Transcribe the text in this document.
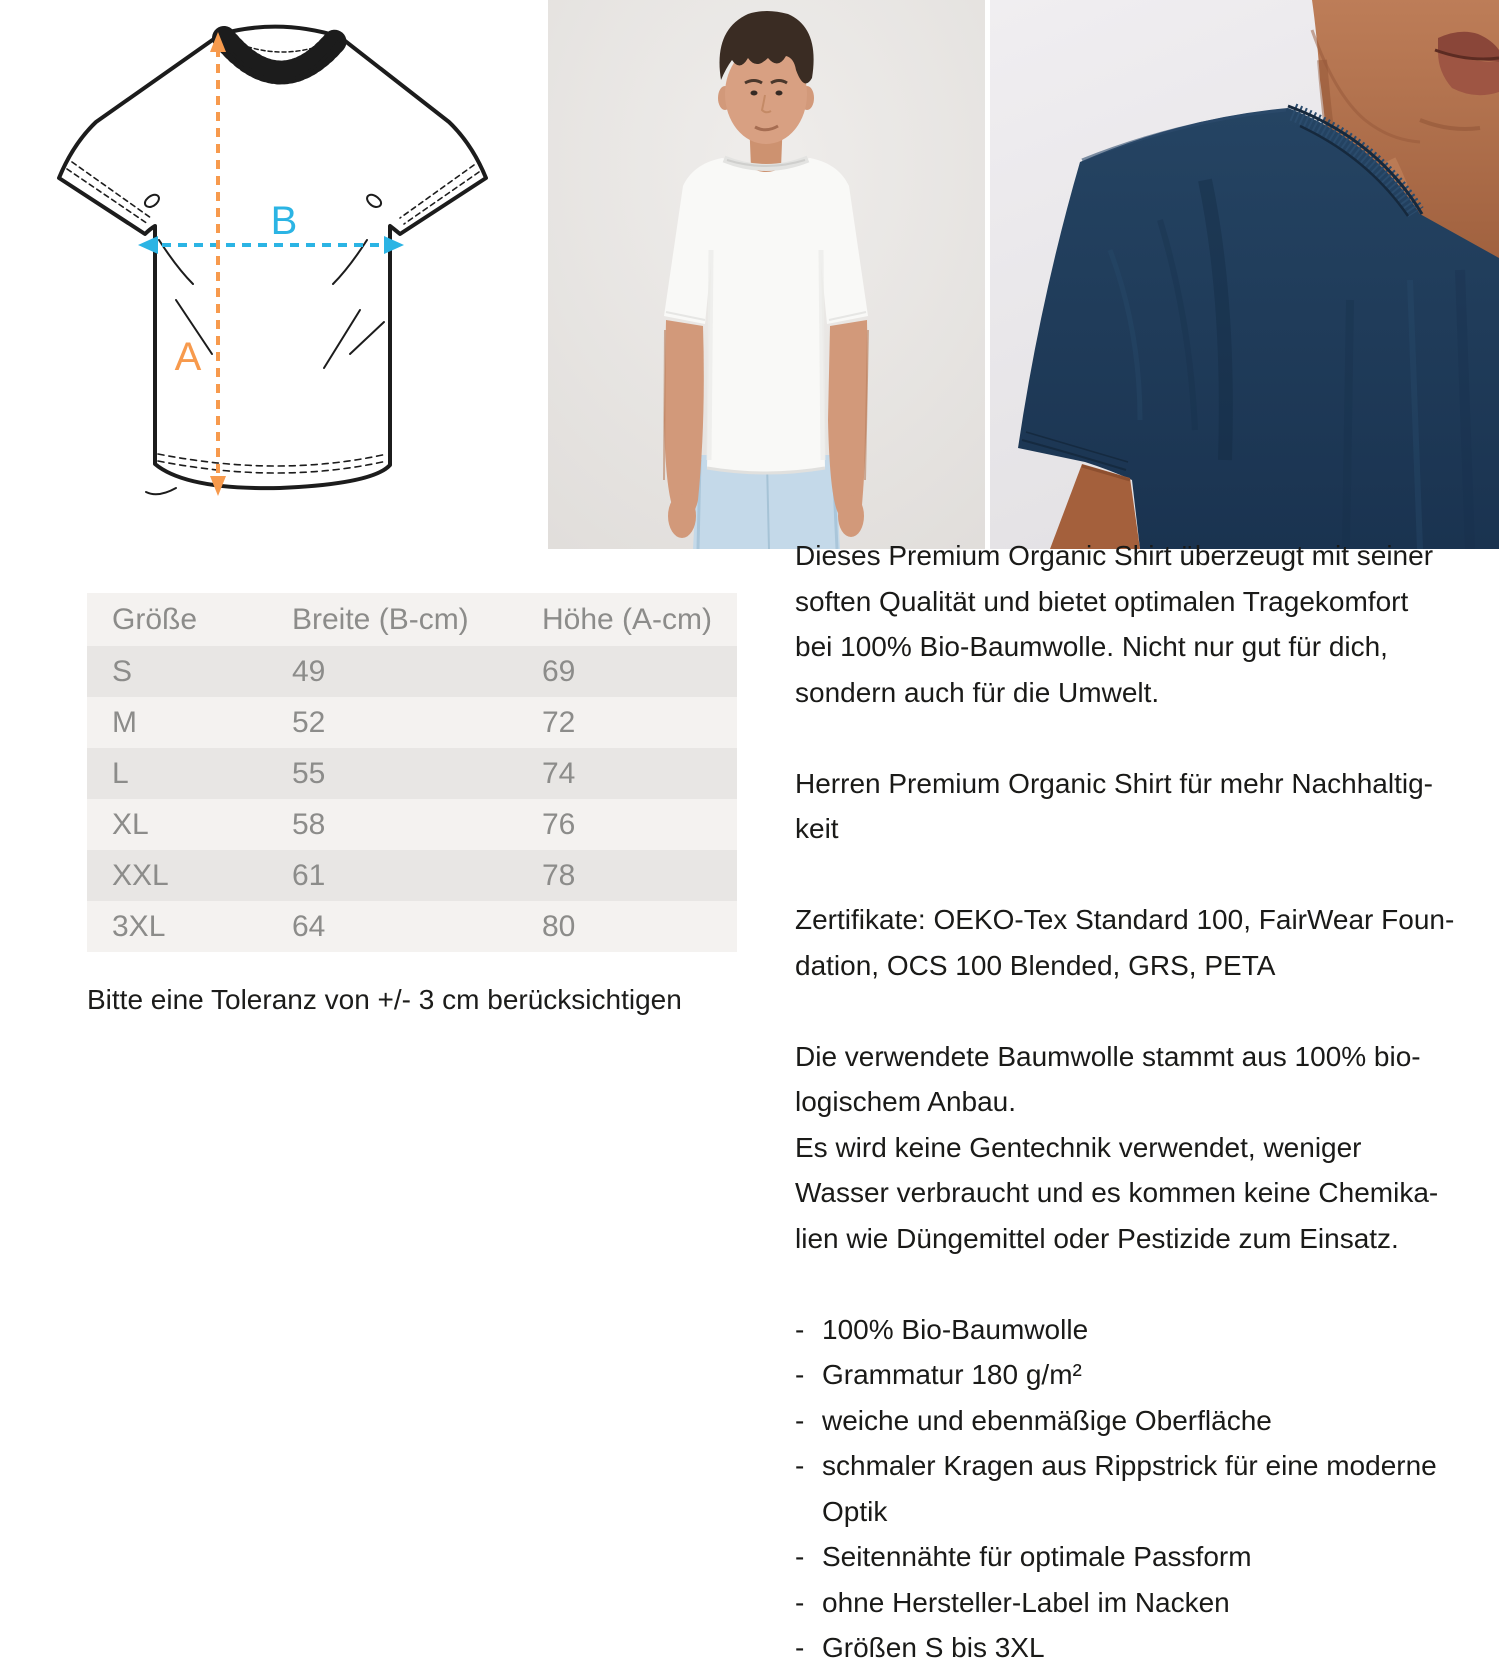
B
A
Größe	Breite (B-cm)	Höhe (A-cm)
S	49	69
M	52	72
L	55	74
XL	58	76
XXL	61	78
3XL	64	80
Bitte eine Toleranz von +/- 3 cm berücksichtigen
Dieses Premium Organic Shirt überzeugt mit seiner
soften Qualität und bietet optimalen Tragekomfort
bei 100% Bio-Baumwolle. Nicht nur gut für dich,
sondern auch für die Umwelt.
Herren Premium Organic Shirt für mehr Nachhaltig-
keit
Zertifikate: OEKO-Tex Standard 100, FairWear Foun-
dation, OCS 100 Blended, GRS, PETA
Die verwendete Baumwolle stammt aus 100% bio-
logischem Anbau.
Es wird keine Gentechnik verwendet, weniger
Wasser verbraucht und es kommen keine Chemika-
lien wie Düngemittel oder Pestizide zum Einsatz.
- 100% Bio-Baumwolle
- Grammatur 180 g/m²
- weiche und ebenmäßige Oberfläche
- schmaler Kragen aus Rippstrick für eine moderne
Optik
- Seitennähte für optimale Passform
- ohne Hersteller-Label im Nacken
- Größen S bis 3XL
